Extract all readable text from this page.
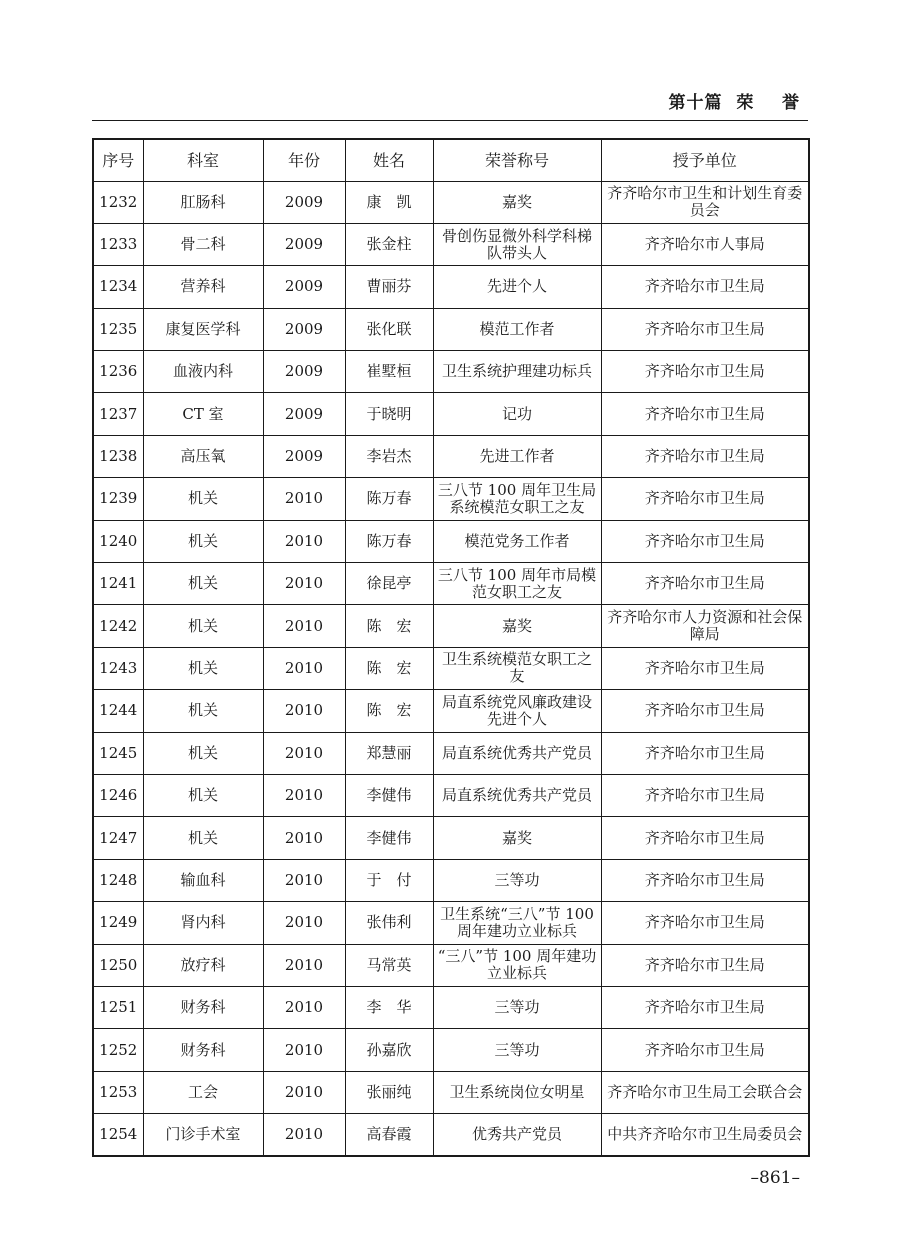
第十篇  荣    誉
序号	科室	年份	姓名	荣誉称号	授予单位
1232	肛肠科	2009	康　凯	嘉奖	齐齐哈尔市卫生和计划生育委员会
1233	骨二科	2009	张金柱	骨创伤显微外科学科梯队带头人	齐齐哈尔市人事局
1234	营养科	2009	曹丽芬	先进个人	齐齐哈尔市卫生局
1235	康复医学科	2009	张化联	模范工作者	齐齐哈尔市卫生局
1236	血液内科	2009	崔墅桓	卫生系统护理建功标兵	齐齐哈尔市卫生局
1237	CT 室	2009	于晓明	记功	齐齐哈尔市卫生局
1238	高压氧	2009	李岩杰	先进工作者	齐齐哈尔市卫生局
1239	机关	2010	陈万春	三八节 100 周年卫生局系统模范女职工之友	齐齐哈尔市卫生局
1240	机关	2010	陈万春	模范党务工作者	齐齐哈尔市卫生局
1241	机关	2010	徐昆亭	三八节 100 周年市局模范女职工之友	齐齐哈尔市卫生局
1242	机关	2010	陈　宏	嘉奖	齐齐哈尔市人力资源和社会保障局
1243	机关	2010	陈　宏	卫生系统模范女职工之友	齐齐哈尔市卫生局
1244	机关	2010	陈　宏	局直系统党风廉政建设先进个人	齐齐哈尔市卫生局
1245	机关	2010	郑慧丽	局直系统优秀共产党员	齐齐哈尔市卫生局
1246	机关	2010	李健伟	局直系统优秀共产党员	齐齐哈尔市卫生局
1247	机关	2010	李健伟	嘉奖	齐齐哈尔市卫生局
1248	输血科	2010	于　付	三等功	齐齐哈尔市卫生局
1249	肾内科	2010	张伟利	卫生系统“三八”节 100 周年建功立业标兵	齐齐哈尔市卫生局
1250	放疗科	2010	马常英	“三八”节 100 周年建功立业标兵	齐齐哈尔市卫生局
1251	财务科	2010	李　华	三等功	齐齐哈尔市卫生局
1252	财务科	2010	孙嘉欣	三等功	齐齐哈尔市卫生局
1253	工会	2010	张丽纯	卫生系统岗位女明星	齐齐哈尔市卫生局工会联合会
1254	门诊手术室	2010	高春霞	优秀共产党员	中共齐齐哈尔市卫生局委员会
–861–
